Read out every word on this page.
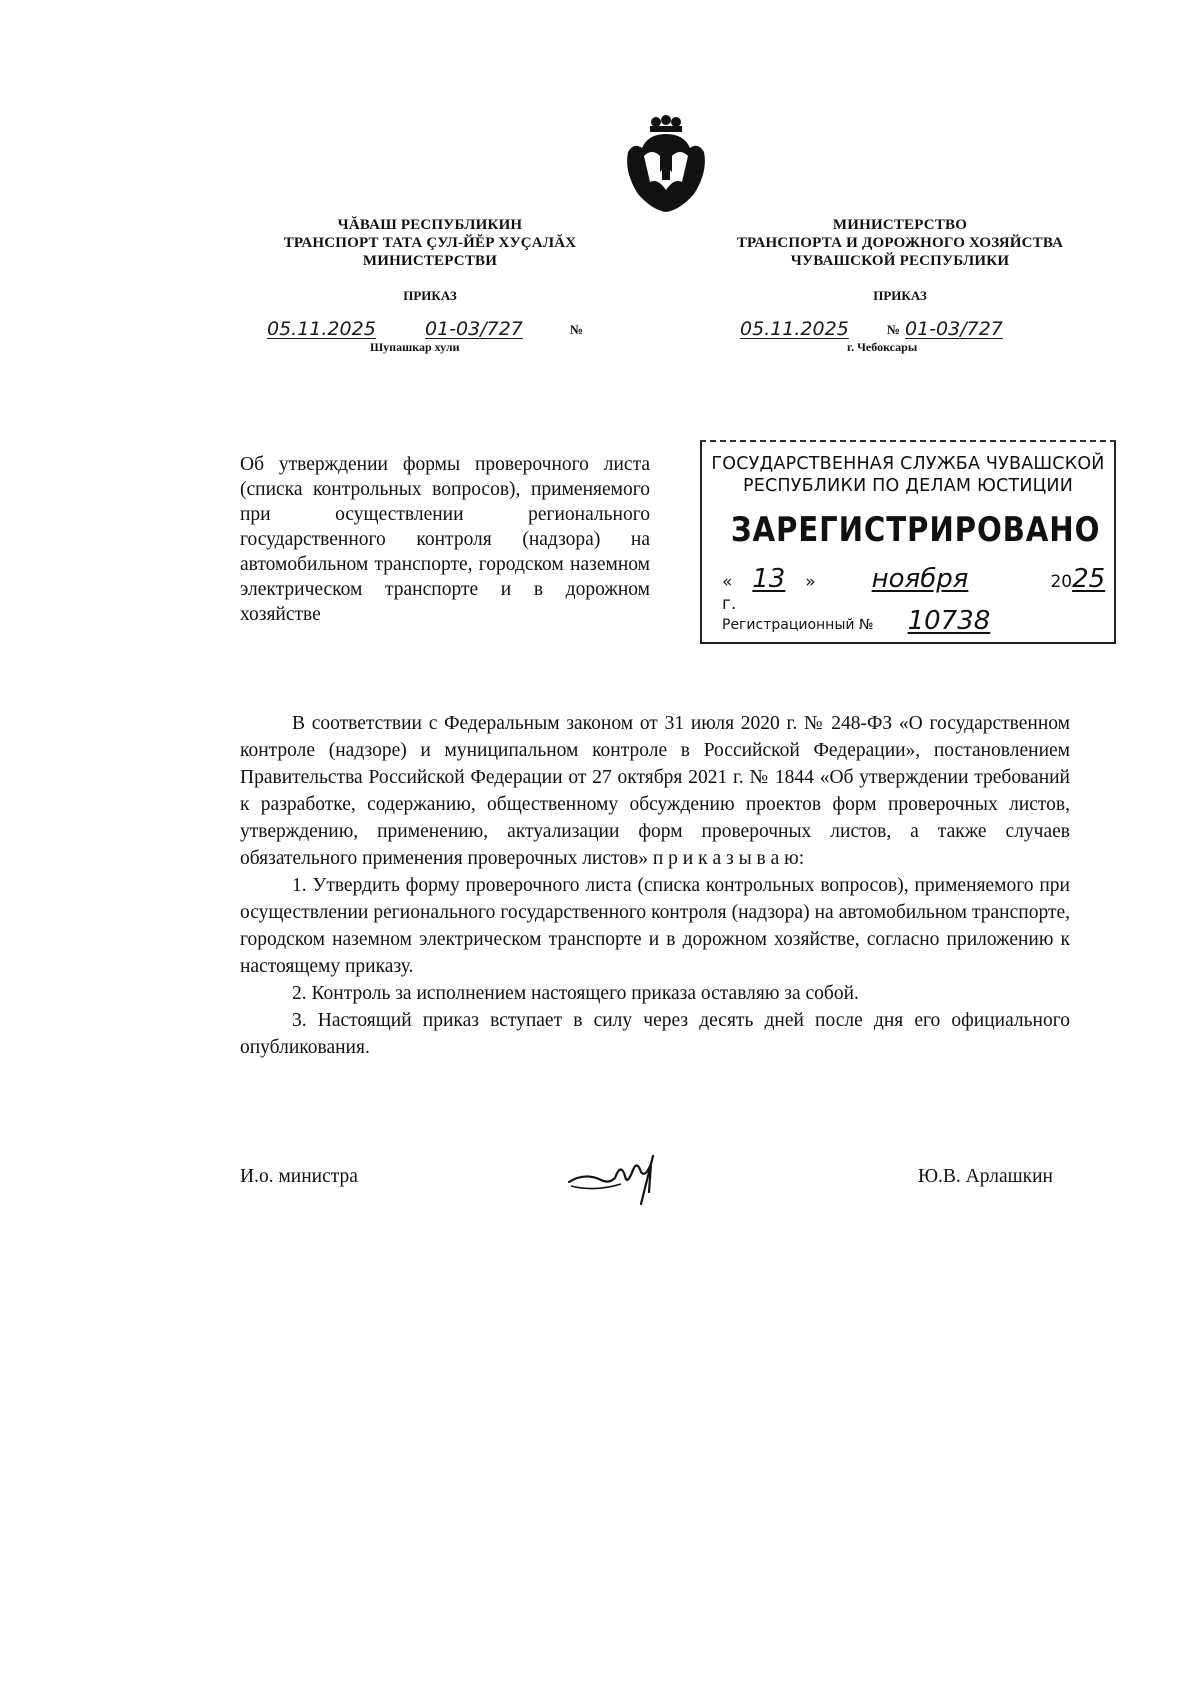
ЧĂВАШ РЕСПУБЛИКИН
ТРАНСПОРТ ТАТА ÇУЛ-ЙĔР ХУÇАЛĂХ
МИНИСТЕРСТВИ
ПРИКАЗ
05.11.2025	01-03/727	№
Шупашкар хули
МИНИСТЕРСТВО
ТРАНСПОРТА И ДОРОЖНОГО ХОЗЯЙСТВА
ЧУВАШСКОЙ РЕСПУБЛИКИ
ПРИКАЗ
05.11.2025	№ 01-03/727
г. Чебоксары
Об утверждении формы проверочного листа (списка контрольных вопросов), применяемого при осуществлении регионального государственного контроля (надзора) на автомобильном транспорте, городском наземном электрическом транспорте и в дорожном хозяйстве
ГОСУДАРСТВЕННАЯ СЛУЖБА ЧУВАШСКОЙ
РЕСПУБЛИКИ ПО ДЕЛАМ ЮСТИЦИИ
ЗАРЕГИСТРИРОВАНО
« 13 » ноября	2025 г.
Регистрационный № 10738

В соответствии с Федеральным законом от 31 июля 2020 г. № 248-ФЗ «О государственном контроле (надзоре) и муниципальном контроле в Российской Федерации», постановлением Правительства Российской Федерации от 27 октября 2021 г. № 1844 «Об утверждении требований к разработке, содержанию, общественному обсуждению проектов форм проверочных листов, утверждению, применению, актуализации форм проверочных листов, а также случаев обязательного применения проверочных листов» п р и к а з ы в а ю:

1. Утвердить форму проверочного листа (списка контрольных вопросов), применяемого при осуществлении регионального государственного контроля (надзора) на автомобильном транспорте, городском наземном электрическом транспорте и в дорожном хозяйстве, согласно приложению к настоящему приказу.

2. Контроль за исполнением настоящего приказа оставляю за собой.

3. Настоящий приказ вступает в силу через десять дней после дня его официального опубликования.

И.о. министра	Ю.В. Арлашкин
